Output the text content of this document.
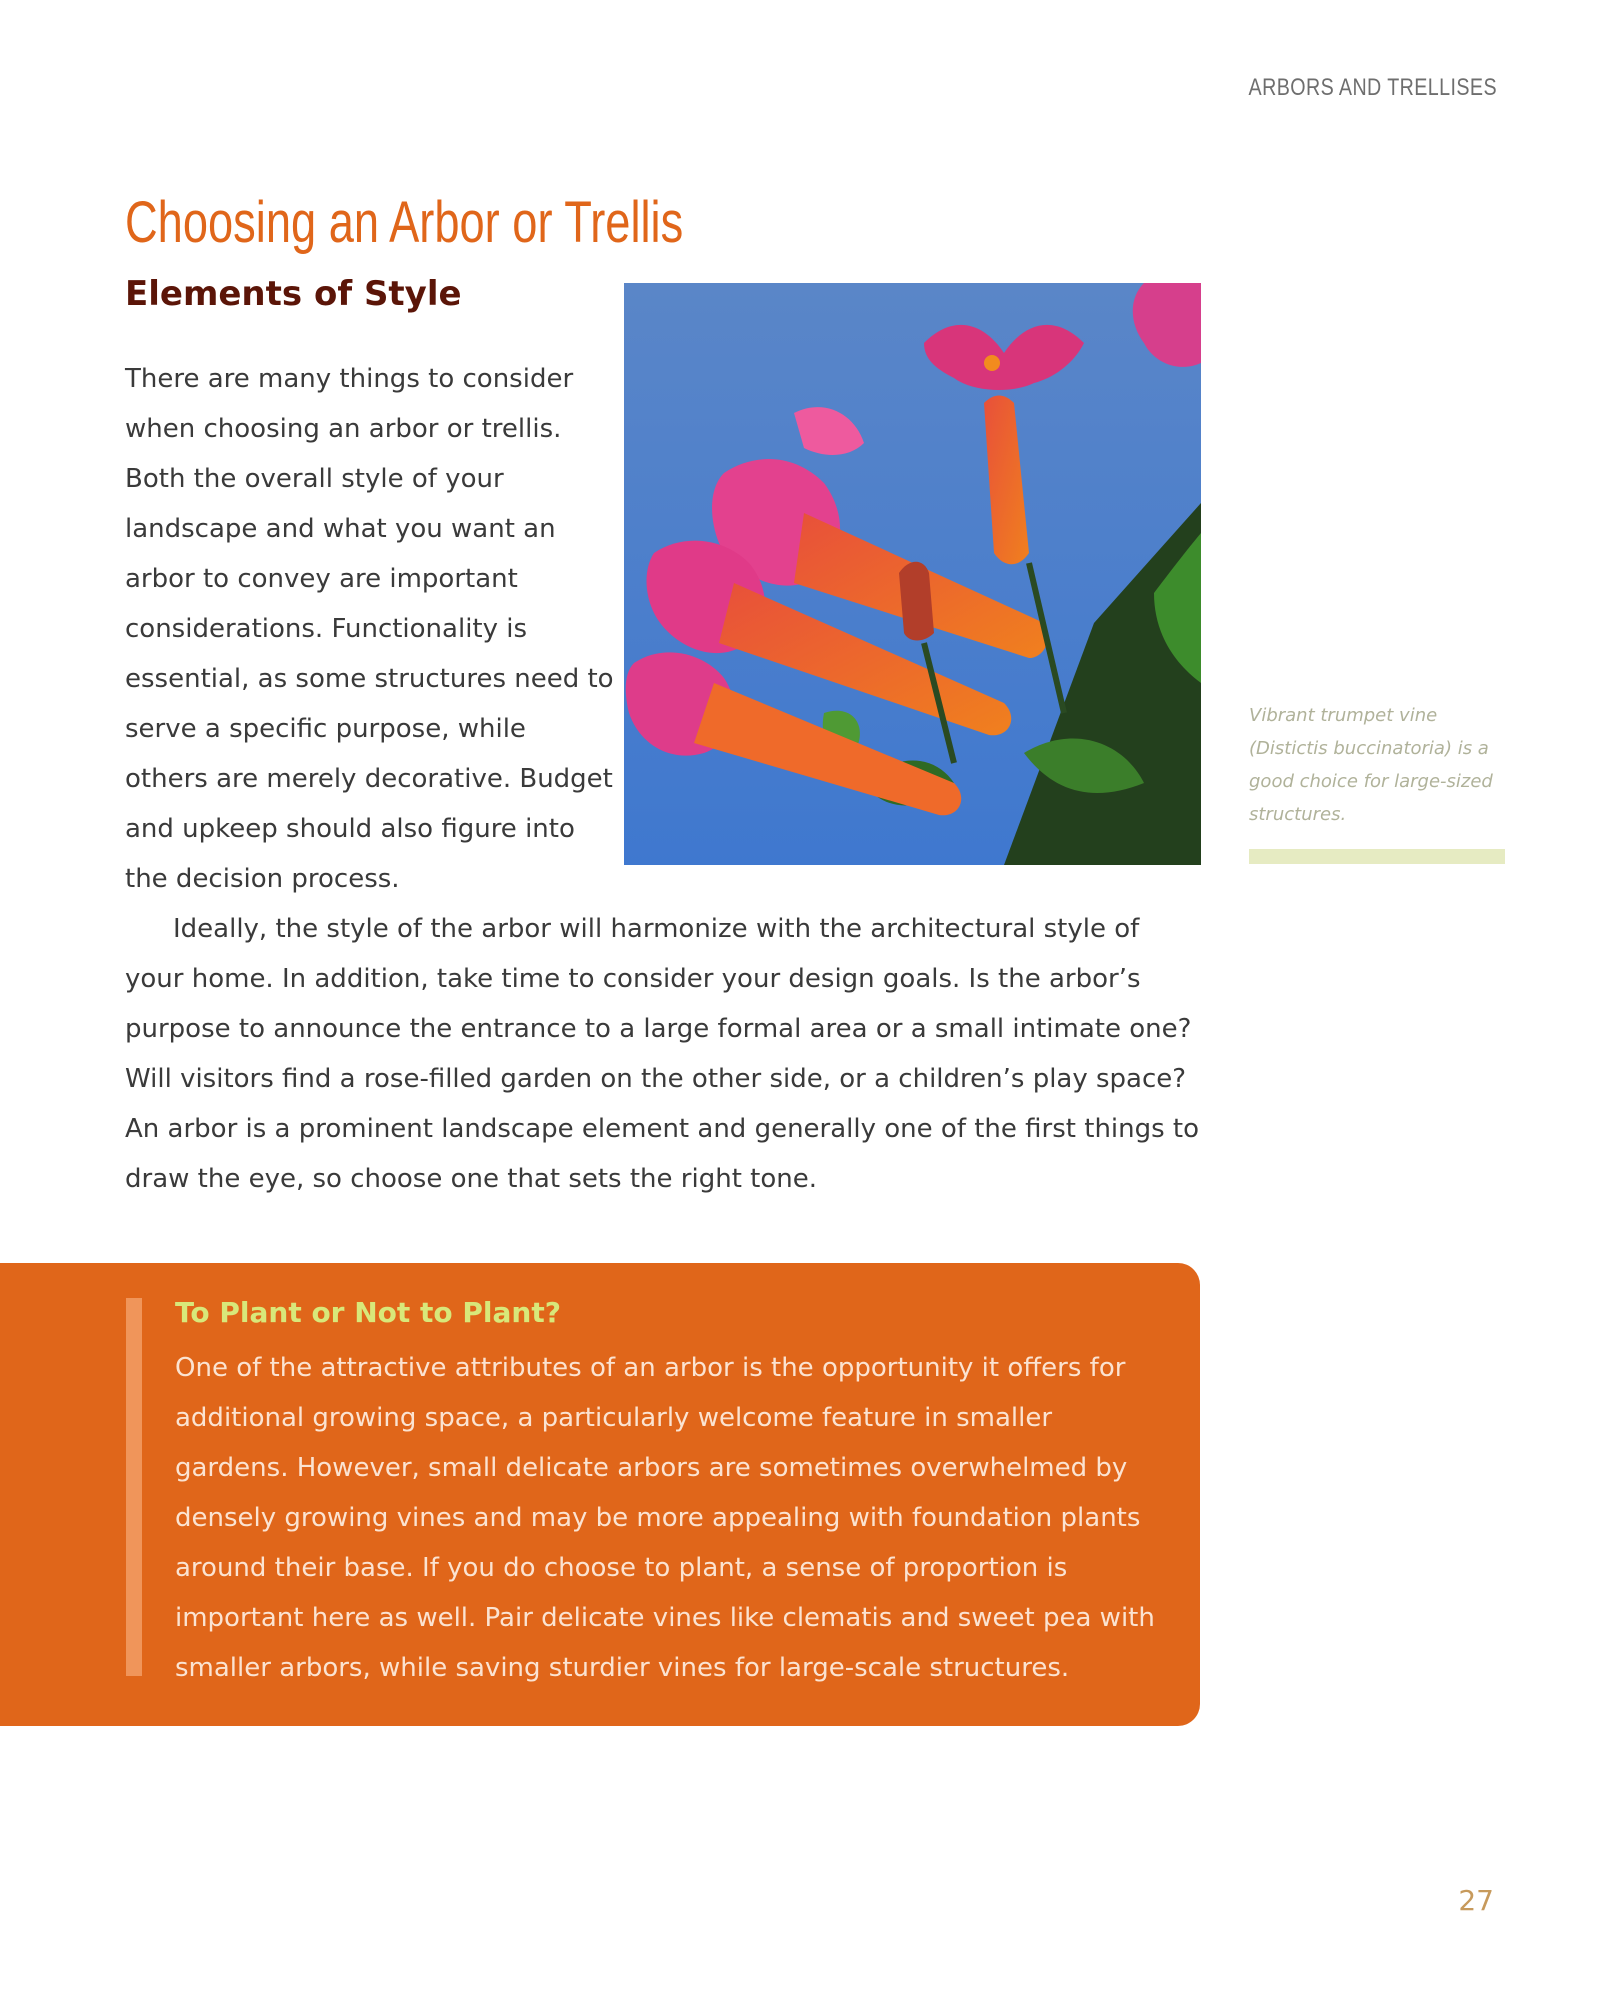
ARBORS AND TRELLISES
Choosing an Arbor or Trellis
Elements of Style

There are many things to consider when choosing an arbor or trellis. Both the overall style of your landscape and what you want an arbor to convey are important considerations. Functionality is essential, as some structures need to serve a specific purpose, while others are merely decorative. Budget and upkeep should also figure into the decision process.

Vibrant trumpet vine (Distictis buccinatoria) is a good choice for large-sized structures.

Ideally, the style of the arbor will harmonize with the architectural style of your home. In addition, take time to consider your design goals. Is the arbor’s purpose to announce the entrance to a large formal area or a small intimate one? Will visitors find a rose-filled garden on the other side, or a children’s play space? An arbor is a prominent landscape element and generally one of the first things to draw the eye, so choose one that sets the right tone.

To Plant or Not to Plant?

One of the attractive attributes of an arbor is the opportunity it offers for additional growing space, a particularly welcome feature in smaller gardens. However, small delicate arbors are sometimes overwhelmed by densely growing vines and may be more appealing with foundation plants around their base. If you do choose to plant, a sense of proportion is important here as well. Pair delicate vines like clematis and sweet pea with smaller arbors, while saving sturdier vines for large-scale structures.

27
